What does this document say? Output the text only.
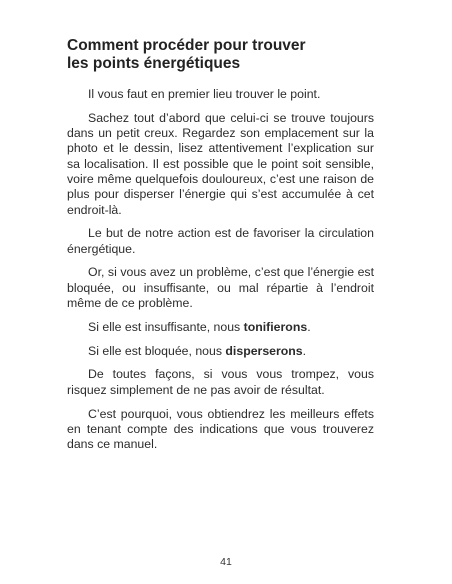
Comment procéder pour trouver
les points énergétiques

Il vous faut en premier lieu trouver le point.

Sachez tout d’abord que celui-ci se trouve toujours dans un petit creux. Regardez son emplacement sur la photo et le dessin, lisez attentivement l’explication sur sa localisation. Il est possible que le point soit sensible, voire même quelquefois douloureux, c’est une raison de plus pour disperser l’énergie qui s’est accumulée à cet endroit-là.

Le but de notre action est de favoriser la circulation énergétique.

Or, si vous avez un problème, c’est que l’énergie est bloquée, ou insuffisante, ou mal répartie à l’endroit même de ce problème.

Si elle est insuffisante, nous tonifierons.

Si elle est bloquée, nous disperserons.

De toutes façons, si vous vous trompez, vous risquez simplement de ne pas avoir de résultat.

C’est pourquoi, vous obtiendrez les meilleurs effets en tenant compte des indications que vous trouverez dans ce manuel.

41
